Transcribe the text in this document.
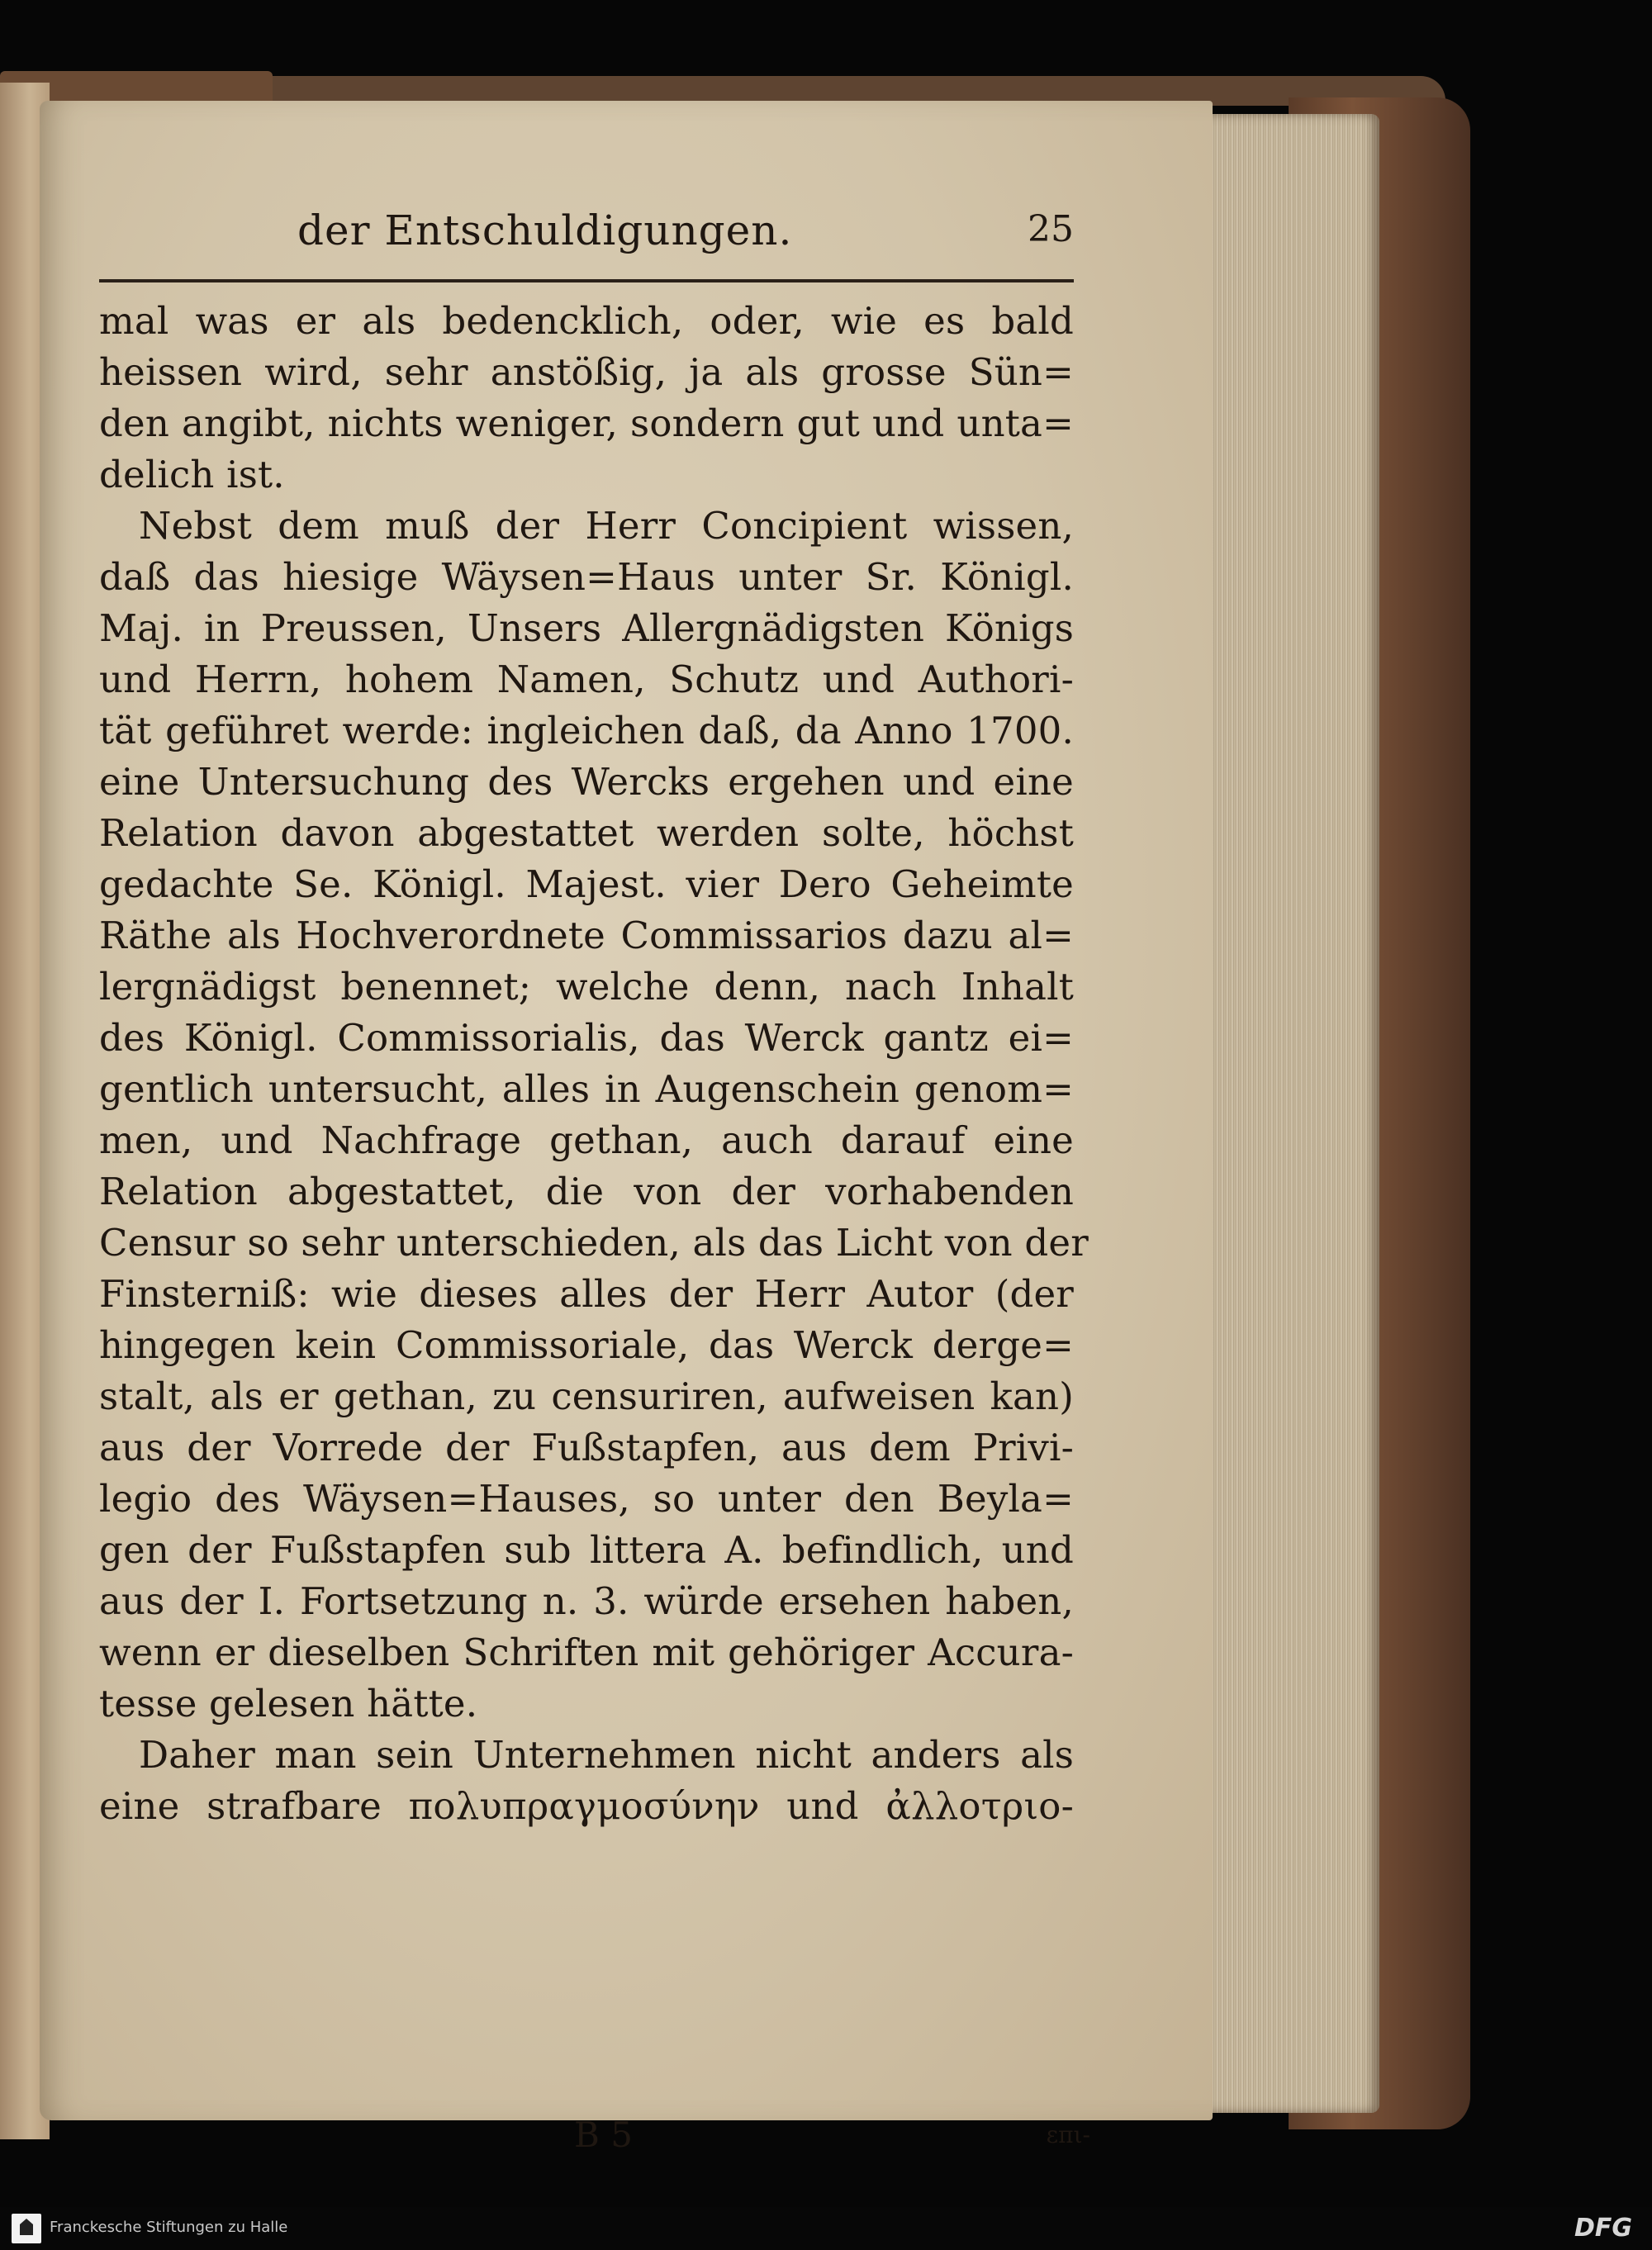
der Entschuldigungen.	25
mal was er als bedencklich, oder, wie es bald
heissen wird, sehr anstößig, ja als grosse Sün=
den angibt, nichts weniger, sondern gut und unta=
delich ist.
Nebst dem muß der Herr Concipient wissen,
daß das hiesige Wäysen=Haus unter Sr. Königl.
Maj. in Preussen, Unsers Allergnädigsten Königs
und Herrn, hohem Namen, Schutz und Authori-
tät geführet werde: ingleichen daß, da Anno 1700.
eine Untersuchung des Wercks ergehen und eine
Relation davon abgestattet werden solte, höchst
gedachte Se. Königl. Majest. vier Dero Geheimte
Räthe als Hochverordnete Commissarios dazu al=
lergnädigst benennet; welche denn, nach Inhalt
des Königl. Commissorialis, das Werck gantz ei=
gentlich untersucht, alles in Augenschein genom=
men, und Nachfrage gethan, auch darauf eine
Relation abgestattet, die von der vorhabenden
Censur so sehr unterschieden, als das Licht von der
Finsterniß: wie dieses alles der Herr Autor (der
hingegen kein Commissoriale, das Werck derge=
stalt, als er gethan, zu censuriren, aufweisen kan)
aus der Vorrede der Fußstapfen, aus dem Privi-
legio des Wäysen=Hauses, so unter den Beyla=
gen der Fußstapfen sub littera A. befindlich, und
aus der I. Fortsetzung n. 3. würde ersehen haben,
wenn er dieselben Schriften mit gehöriger Accura-
tesse gelesen hätte.
Daher man sein Unternehmen nicht anders als
eine strafbare πολυπραγμοσύνην und ἀλλοτριο-
B 5	επι-
Franckesche Stiftungen zu Halle	DFG
